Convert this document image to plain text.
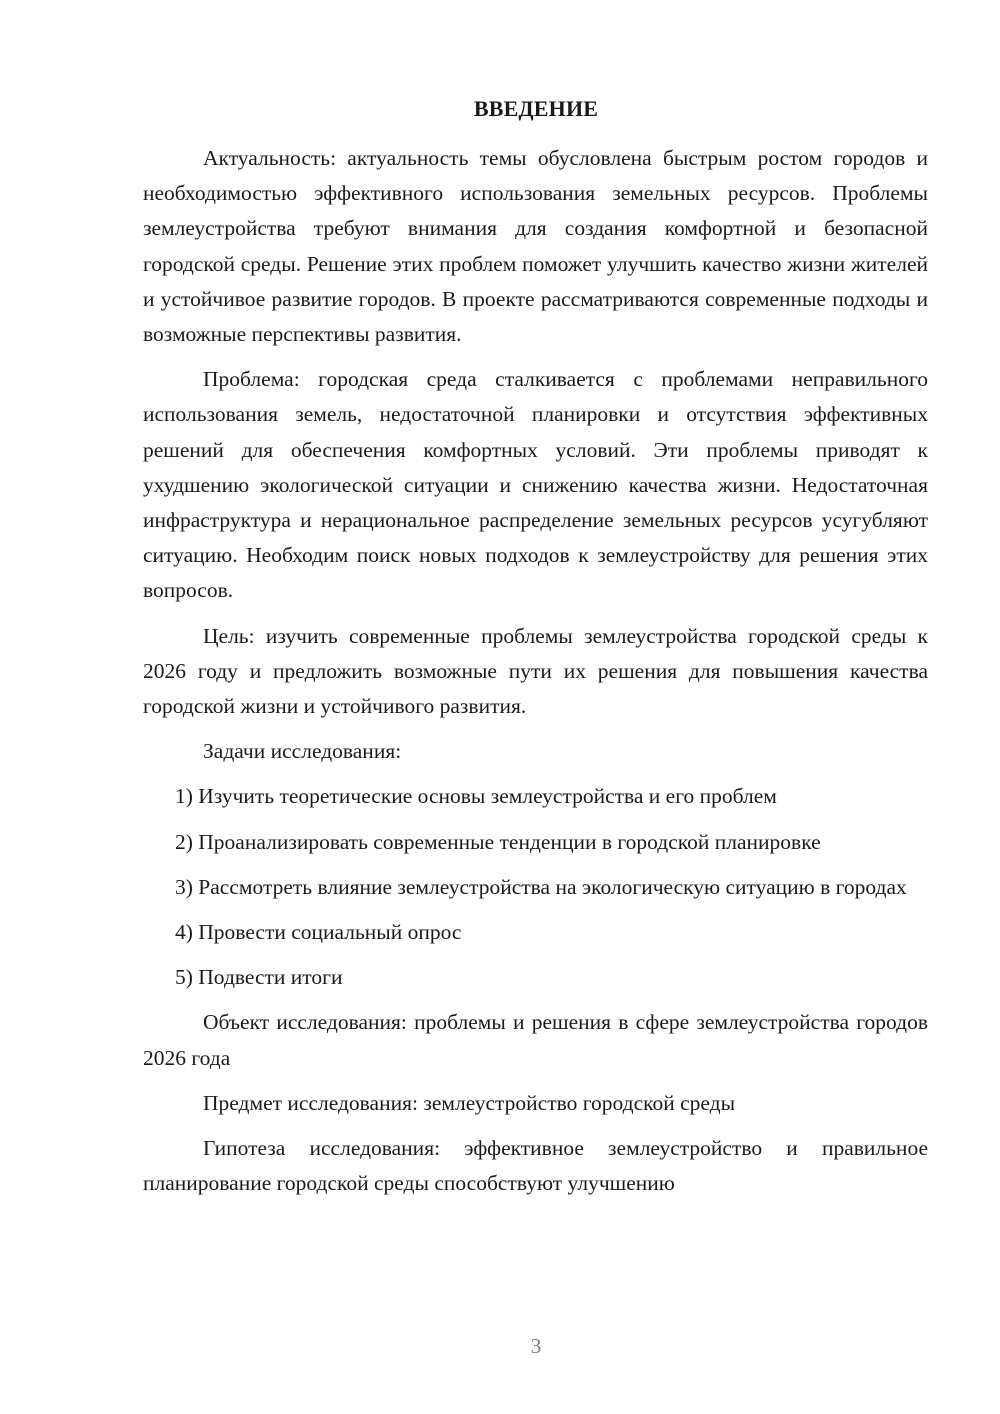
ВВЕДЕНИЕ

Актуальность: актуальность темы обусловлена быстрым ростом городов и необходимостью эффективного использования земельных ресурсов. Проблемы землеустройства требуют внимания для создания комфортной и безопасной городской среды. Решение этих проблем поможет улучшить качество жизни жителей и устойчивое развитие городов. В проекте рассматриваются современные подходы и возможные перспективы развития.

Проблема: городская среда сталкивается с проблемами неправильного использования земель, недостаточной планировки и отсутствия эффективных решений для обеспечения комфортных условий. Эти проблемы приводят к ухудшению экологической ситуации и снижению качества жизни. Недостаточная инфраструктура и нерациональное распределение земельных ресурсов усугубляют ситуацию. Необходим поиск новых подходов к землеустройству для решения этих вопросов.

Цель: изучить современные проблемы землеустройства городской среды к 2026 году и предложить возможные пути их решения для повышения качества городской жизни и устойчивого развития.

Задачи исследования:

1) Изучить теоретические основы землеустройства и его проблем

2) Проанализировать современные тенденции в городской планировке

3) Рассмотреть влияние землеустройства на экологическую ситуацию в городах

4) Провести социальный опрос

5) Подвести итоги

Объект исследования: проблемы и решения в сфере землеустройства городов 2026 года

Предмет исследования: землеустройство городской среды

Гипотеза исследования: эффективное землеустройство и правильное планирование городской среды способствуют улучшению

3
